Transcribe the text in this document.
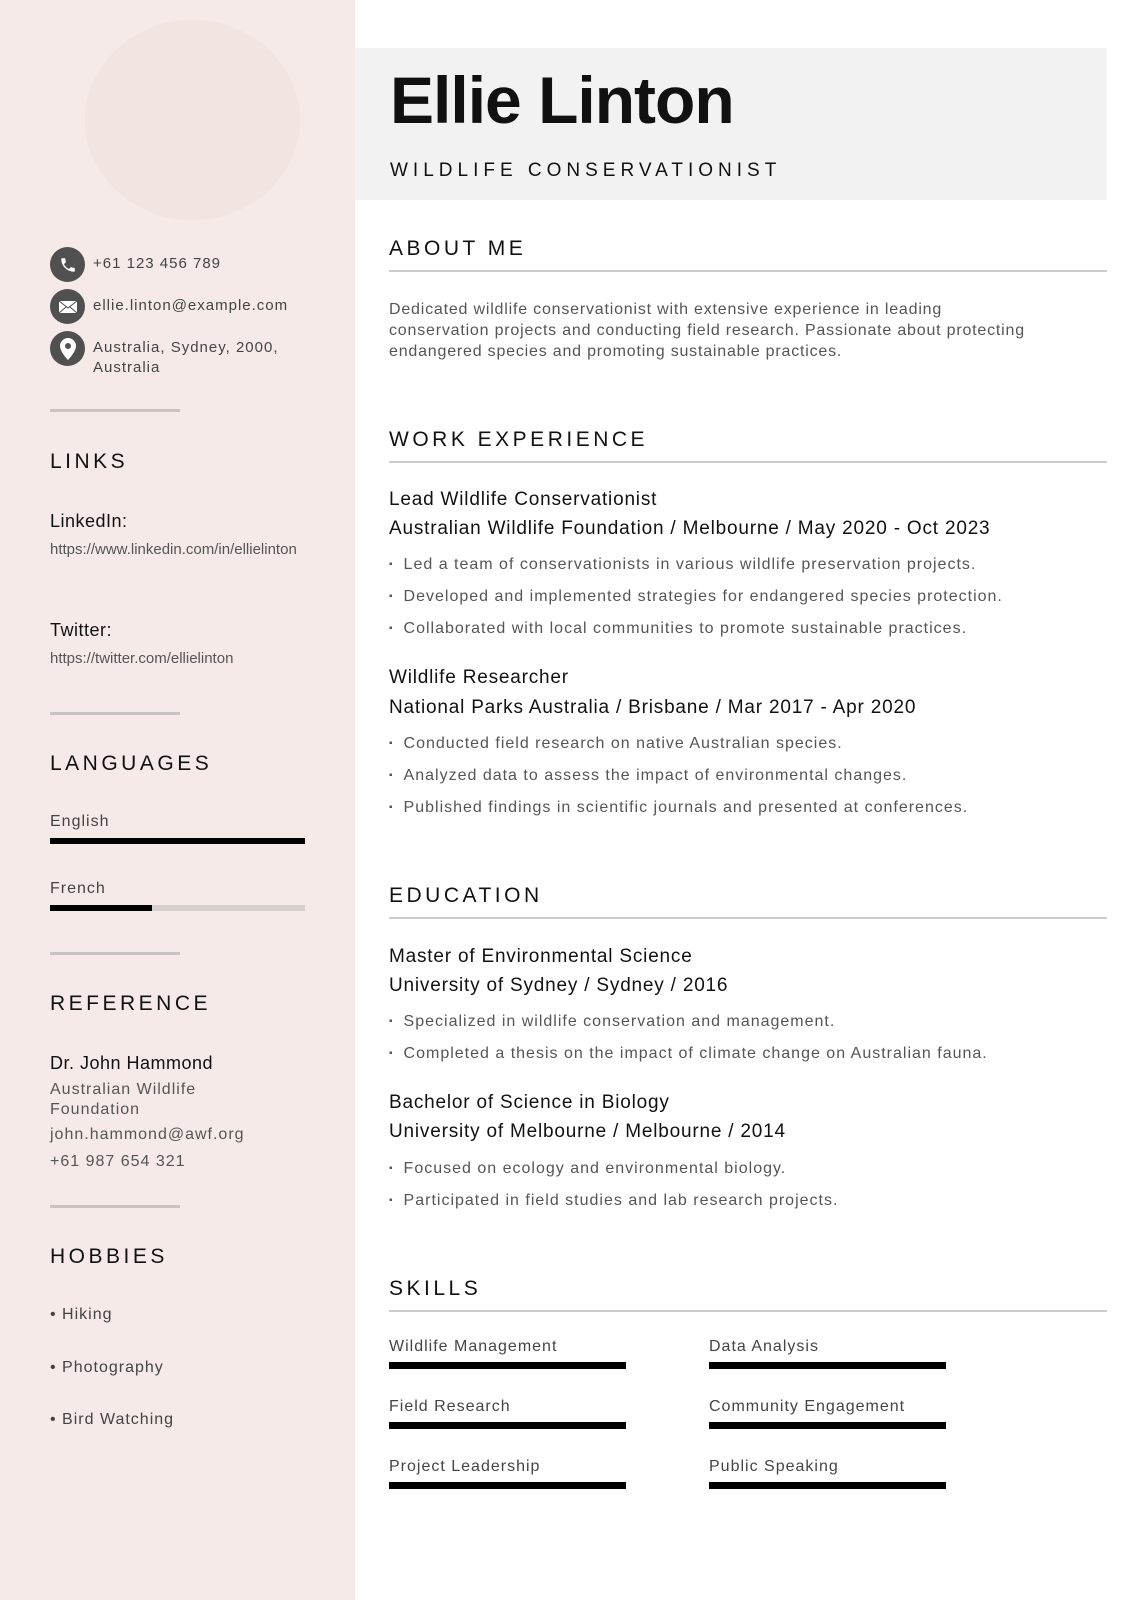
+61 123 456 789
ellie.linton@example.com
Australia, Sydney, 2000, Australia
LINKS
LinkedIn:
https://www.linkedin.com/in/ellielinton
Twitter:
https://twitter.com/ellielinton
LANGUAGES
English
French
REFERENCE
Dr. John Hammond
Australian Wildlife Foundation
john.hammond@awf.org
+61 987 654 321
HOBBIES
• Hiking
• Photography
• Bird Watching
Ellie Linton
WILDLIFE CONSERVATIONIST
ABOUT ME
Dedicated wildlife conservationist with extensive experience in leading conservation projects and conducting field research. Passionate about protecting endangered species and promoting sustainable practices.
WORK EXPERIENCE
Lead Wildlife Conservationist
Australian Wildlife Foundation / Melbourne / May 2020 - Oct 2023
▪ Led a team of conservationists in various wildlife preservation projects.
▪ Developed and implemented strategies for endangered species protection.
▪ Collaborated with local communities to promote sustainable practices.
Wildlife Researcher
National Parks Australia / Brisbane / Mar 2017 - Apr 2020
▪ Conducted field research on native Australian species.
▪ Analyzed data to assess the impact of environmental changes.
▪ Published findings in scientific journals and presented at conferences.
EDUCATION
Master of Environmental Science
University of Sydney / Sydney / 2016
▪ Specialized in wildlife conservation and management.
▪ Completed a thesis on the impact of climate change on Australian fauna.
Bachelor of Science in Biology
University of Melbourne / Melbourne / 2014
▪ Focused on ecology and environmental biology.
▪ Participated in field studies and lab research projects.
SKILLS
Wildlife Management	Data Analysis
Field Research	Community Engagement
Project Leadership	Public Speaking
